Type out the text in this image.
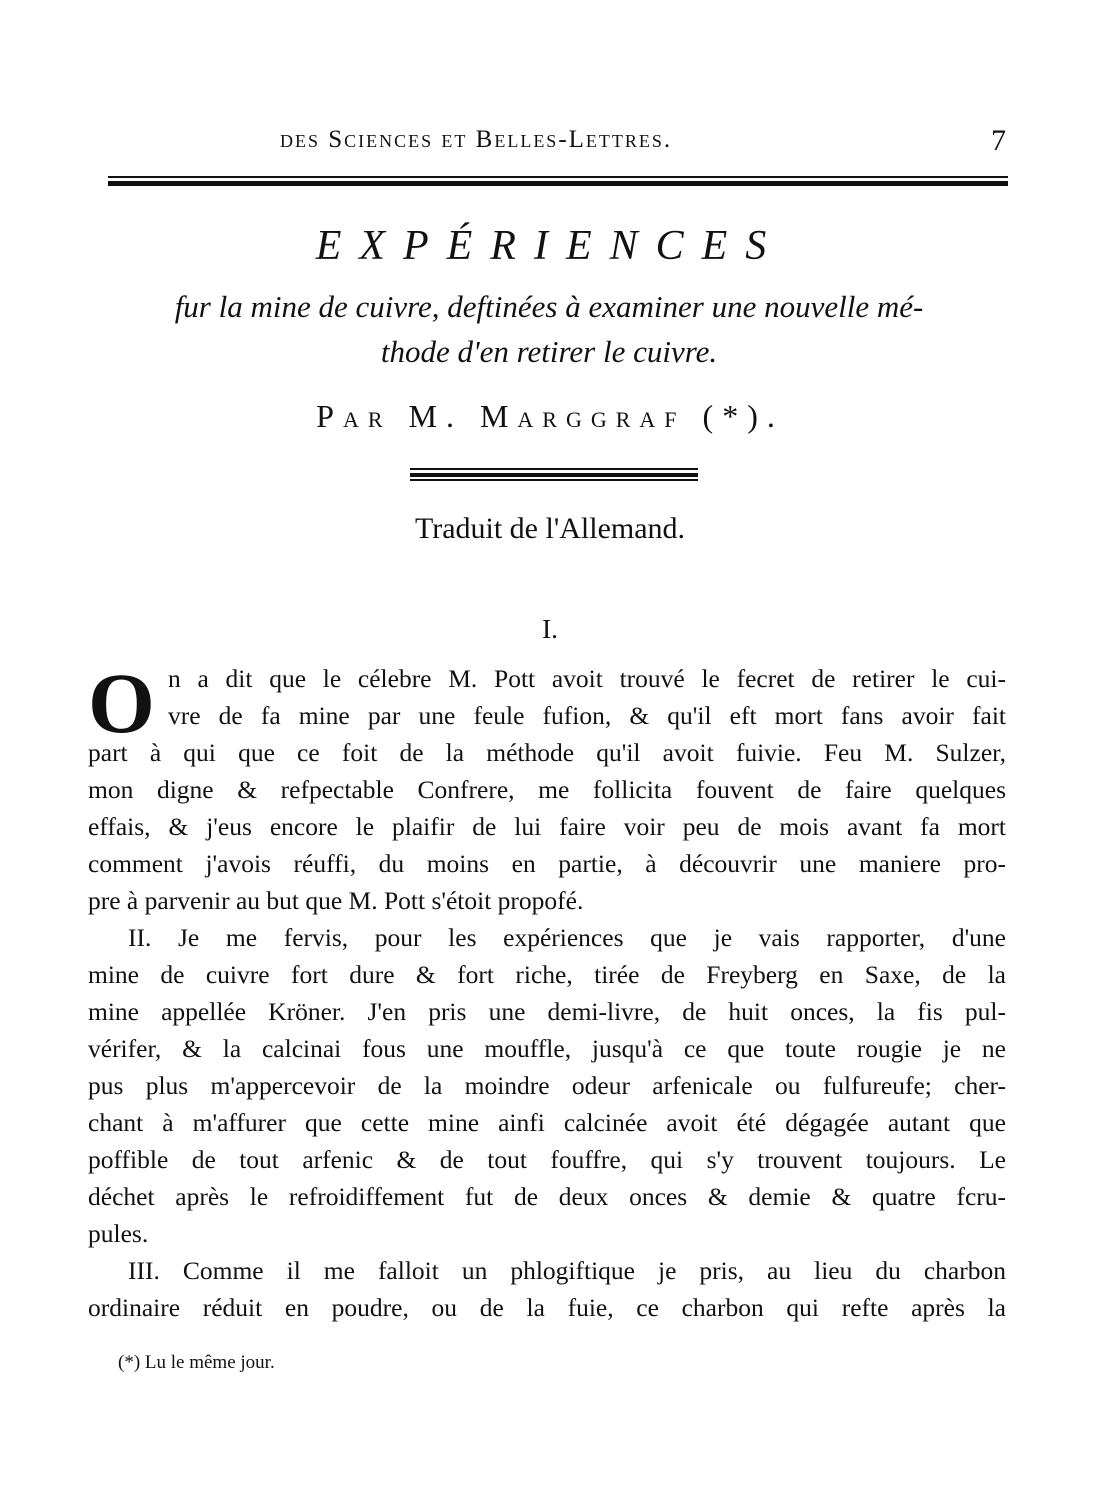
des Sciences et Belles-Lettres.	7
EXPÉRIENCES
fur la mine de cuivre, deftinées à examiner une nouvelle mé-
thode d'en retirer le cuivre.
Par M. Marggraf (*).
Traduit de l'Allemand.
I.
O n a dit que le célebre M. Pott avoit trouvé le fecret de retirer le cui-
vre de fa mine par une feule fufion, & qu'il eft mort fans avoir fait
part à qui que ce foit de la méthode qu'il avoit fuivie. Feu M. Sulzer,
mon digne & refpectable Confrere, me follicita fouvent de faire quelques
effais, & j'eus encore le plaifir de lui faire voir peu de mois avant fa mort
comment j'avois réuffi, du moins en partie, à découvrir une maniere pro-
pre à parvenir au but que M. Pott s'étoit propofé.
II. Je me fervis, pour les expériences que je vais rapporter, d'une
mine de cuivre fort dure & fort riche, tirée de Freyberg en Saxe, de la
mine appellée Kröner. J'en pris une demi-livre, de huit onces, la fis pul-
vérifer, & la calcinai fous une mouffle, jusqu'à ce que toute rougie je ne
pus plus m'appercevoir de la moindre odeur arfenicale ou fulfureufe; cher-
chant à m'affurer que cette mine ainfi calcinée avoit été dégagée autant que
poffible de tout arfenic & de tout fouffre, qui s'y trouvent toujours. Le
déchet après le refroidiffement fut de deux onces & demie & quatre fcru-
pules.
III. Comme il me falloit un phlogiftique je pris, au lieu du charbon
ordinaire réduit en poudre, ou de la fuie, ce charbon qui refte après la
(*) Lu le même jour.
